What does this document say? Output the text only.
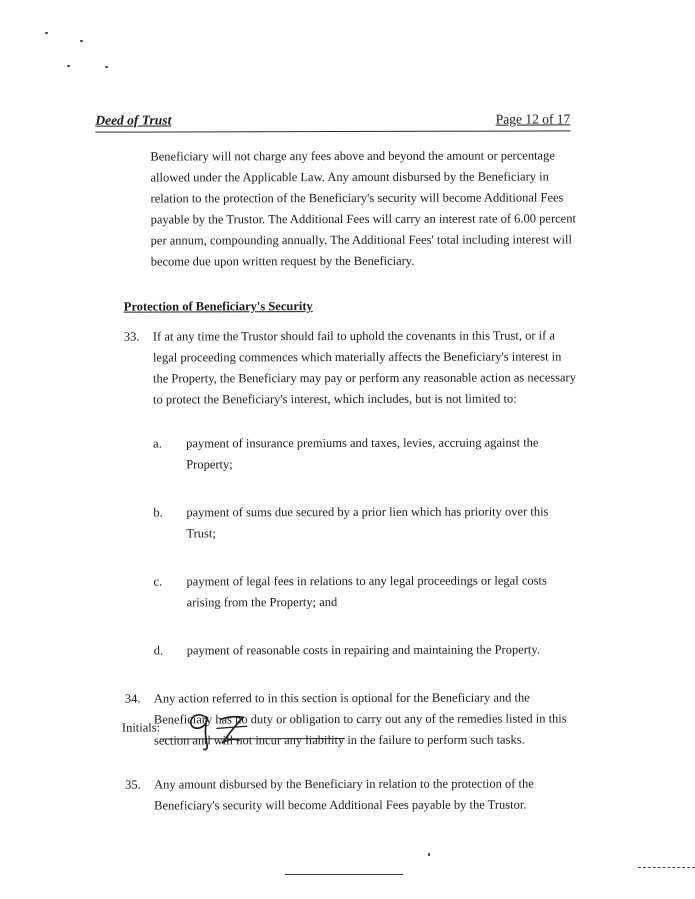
Deed of Trust	Page 12 of 17

Beneficiary will not charge any fees above and beyond the amount or percentage allowed under the Applicable Law. Any amount disbursed by the Beneficiary in relation to the protection of the Beneficiary's security will become Additional Fees payable by the Trustor. The Additional Fees will carry an interest rate of 6.00 percent per annum, compounding annually. The Additional Fees' total including interest will become due upon written request by the Beneficiary.

Protection of Beneficiary's Security
33.	If at any time the Trustor should fail to uphold the covenants in this Trust, or if a legal proceeding commences which materially affects the Beneficiary's interest in the Property, the Beneficiary may pay or perform any reasonable action as necessary to protect the Beneficiary's interest, which includes, but is not limited to:

a.	payment of insurance premiums and taxes, levies, accruing against the Property;

b.	payment of sums due secured by a prior lien which has priority over this Trust;

c.	payment of legal fees in relations to any legal proceedings or legal costs arising from the Property; and

d.	payment of reasonable costs in repairing and maintaining the Property.

34.	Any action referred to in this section is optional for the Beneficiary and the Beneficiary has no duty or obligation to carry out any of the remedies listed in this section and will not incur any liability in the failure to perform such tasks.

35.	Any amount disbursed by the Beneficiary in relation to the protection of the Beneficiary's security will become Additional Fees payable by the Trustor.

Initials:
